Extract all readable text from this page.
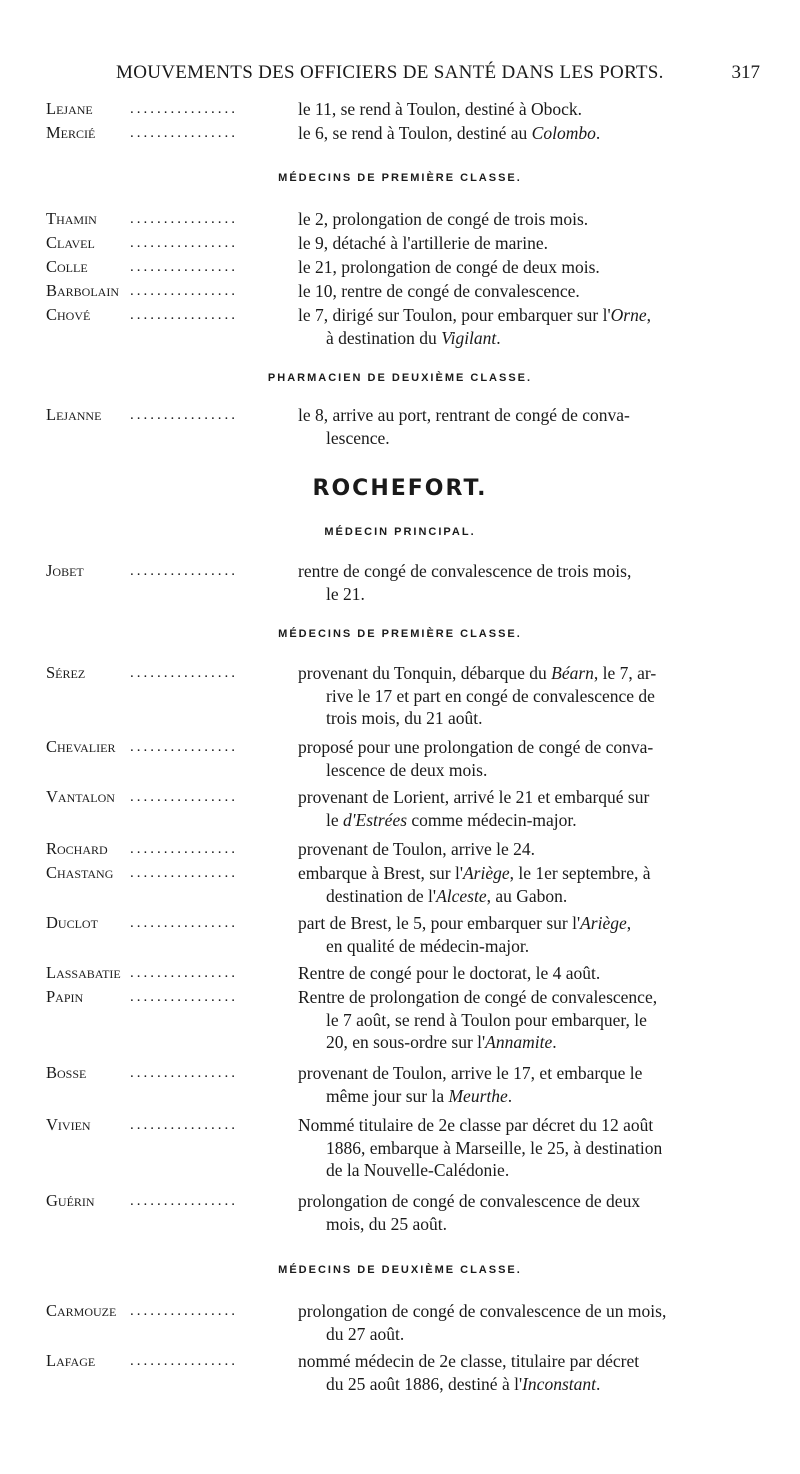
MOUVEMENTS DES OFFICIERS DE SANTÉ DANS LES PORTS.	317
Lejane ................	le 11, se rend à Toulon, destiné à Obock.
Mercié ................	le 6, se rend à Toulon, destiné au Colombo.
MÉDECINS DE PREMIÈRE CLASSE.
Thamin ................	le 2, prolongation de congé de trois mois.
Clavel ................	le 9, détaché à l'artillerie de marine.
Colle	................	le 21, prolongation de congé de deux mois.
Barbolain ................	le 10, rentre de congé de convalescence.
Chové	................	le 7, dirigé sur Toulon, pour embarquer sur l'Orne,
à destination du Vigilant.
PHARMACIEN DE DEUXIÈME CLASSE.
Lejanne ................	le 8, arrive au port, rentrant de congé de conva-
lescence.
ROCHEFORT.
MÉDECIN PRINCIPAL.
Jobet	................	rentre de congé de convalescence de trois mois,
le 21.
MÉDECINS DE PREMIÈRE CLASSE.
Sérez	................	provenant du Tonquin, débarque du Béarn, le 7, ar-
rive le 17 et part en congé de convalescence de
trois mois, du 21 août.
Chevalier ................	proposé pour une prolongation de congé de conva-
lescence de deux mois.
Vantalon ................	provenant de Lorient, arrivé le 21 et embarqué sur
le d'Estrées comme médecin-major.
Rochard ................	provenant de Toulon, arrive le 24.
Chastang ................	embarque à Brest, sur l'Ariège, le 1er septembre, à
destination de l'Alceste, au Gabon.
Duclot ................	part de Brest, le 5, pour embarquer sur l'Ariège,
en qualité de médecin-major.
Lassabatie ................	Rentre de congé pour le doctorat, le 4 août.
Papin	................	Rentre de prolongation de congé de convalescence,
le 7 août, se rend à Toulon pour embarquer, le
20, en sous-ordre sur l'Annamite.
Bosse	................	provenant de Toulon, arrive le 17, et embarque le
même jour sur la Meurthe.
Vivien	................	Nommé titulaire de 2e classe par décret du 12 août
1886, embarque à Marseille, le 25, à destination
de la Nouvelle-Calédonie.
Guérin ................	prolongation de congé de convalescence de deux
mois, du 25 août.
MÉDECINS DE DEUXIÈME CLASSE.
Carmouze ................	prolongation de congé de convalescence de un mois,
du 27 août.
Lafage ................	nommé médecin de 2e classe, titulaire par décret
du 25 août 1886, destiné à l'Inconstant.
